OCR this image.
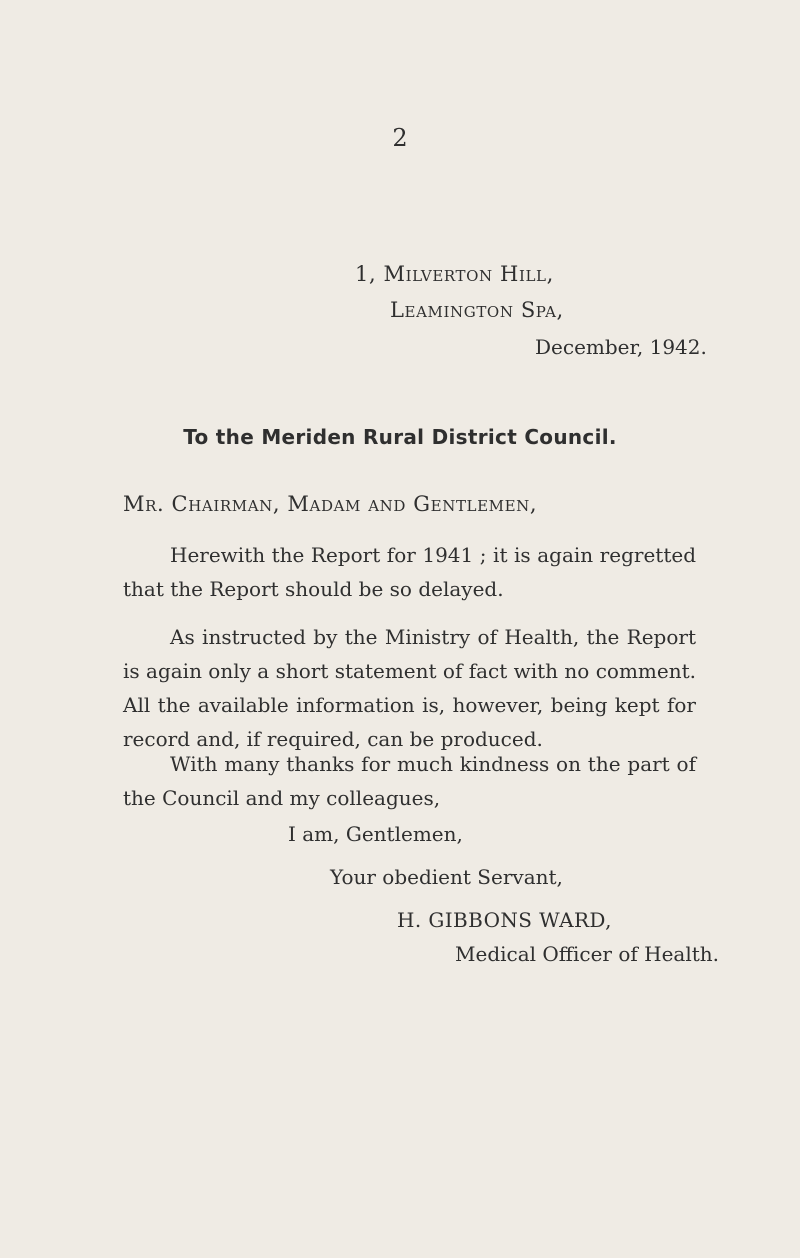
2
1, Milverton Hill,
Leamington Spa,
December, 1942.
To the Meriden Rural District Council.
Mr. Chairman, Madam and Gentlemen,

Herewith the Report for 1941 ; it is again regretted that the Report should be so delayed.

As instructed by the Ministry of Health, the Report is again only a short statement of fact with no comment. All the available information is, however, being kept for record and, if required, can be produced.

With many thanks for much kindness on the part of the Council and my colleagues,

I am, Gentlemen,
Your obedient Servant,
H. GIBBONS WARD,
Medical Officer of Health.
